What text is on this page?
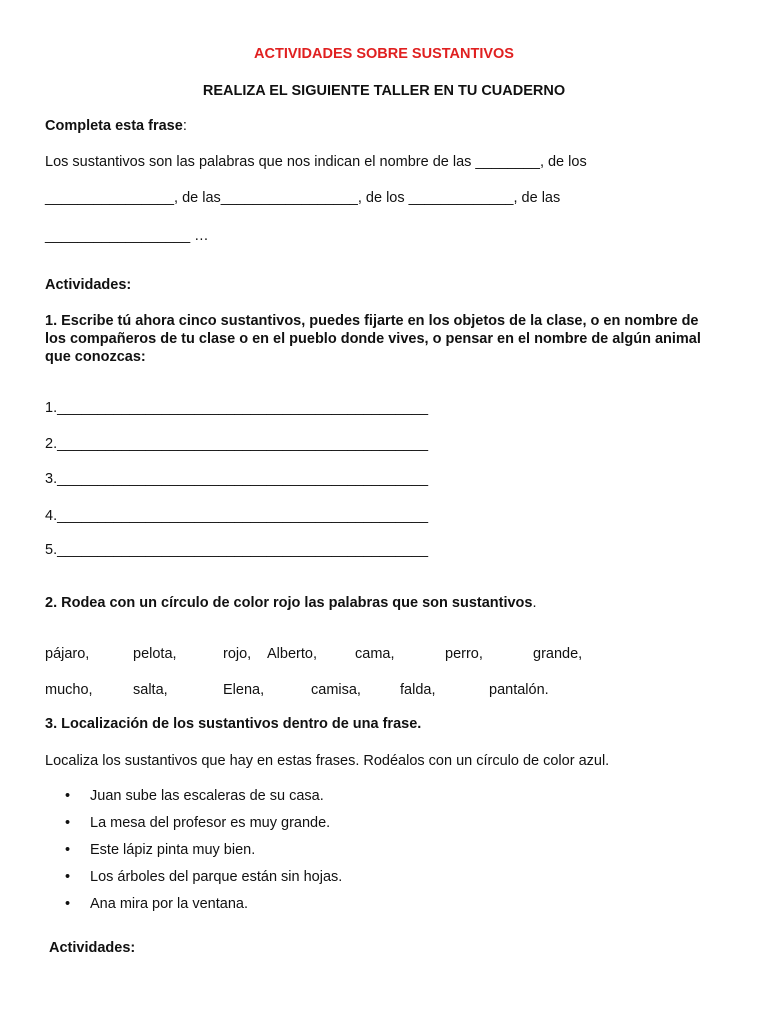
ACTIVIDADES SOBRE SUSTANTIVOS
REALIZA EL SIGUIENTE TALLER EN TU CUADERNO
Completa esta frase:
Los sustantivos son las palabras que nos indican el nombre de las ________, de los
________________, de las_________________, de los _____________, de las
__________________ …
Actividades:
1. Escribe tú ahora cinco sustantivos, puedes fijarte en los objetos de la clase, o en nombre de los compañeros de tu clase o en el pueblo donde vives, o pensar en el nombre de algún animal que conozcas:
1.______________________________________________
2.______________________________________________
3.______________________________________________
4.______________________________________________
5.______________________________________________
2. Rodea con un círculo de color rojo las palabras que son sustantivos.
pájaro,	pelota,	rojo, Alberto,	cama,	perro,	grande,
mucho,	salta,	Elena,	camisa,	falda,	pantalón.
3. Localización de los sustantivos dentro de una frase.
Localiza los sustantivos que hay en estas frases. Rodéalos con un círculo de color azul.
• Juan sube las escaleras de su casa.
• La mesa del profesor es muy grande.
• Este lápiz pinta muy bien.
• Los árboles del parque están sin hojas.
• Ana mira por la ventana.
Actividades:
